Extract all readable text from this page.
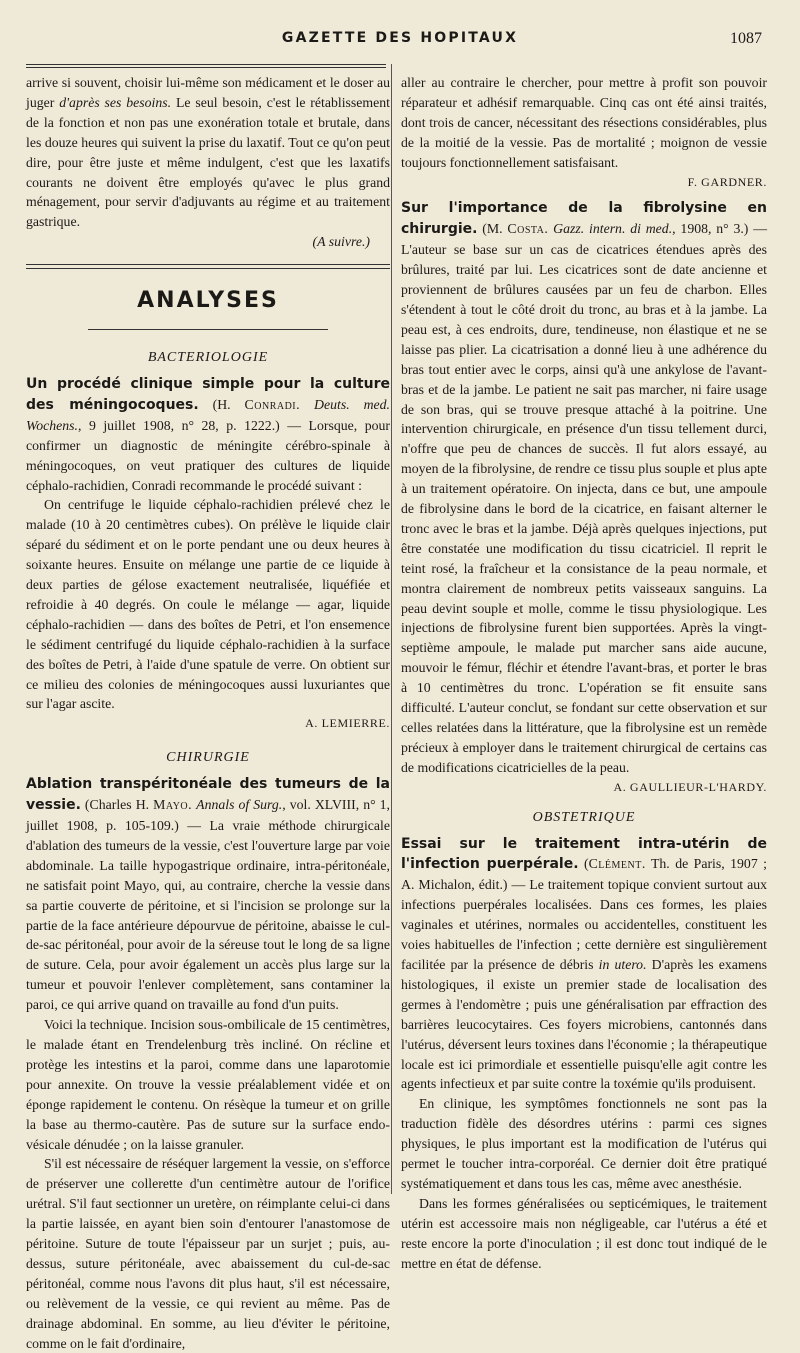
GAZETTE DES HOPITAUX	1087

arrive si souvent, choisir lui-même son médicament et le doser au juger d'après ses besoins. Le seul besoin, c'est le rétablissement de la fonction et non pas une exonération totale et brutale, dans les douze heures qui suivent la prise du laxatif. Tout ce qu'on peut dire, pour être juste et même indulgent, c'est que les laxatifs courants ne doivent être employés qu'avec le plus grand ménagement, pour servir d'adjuvants au régime et au traitement gastrique.

(A suivre.)
ANALYSES
BACTERIOLOGIE

Un procédé clinique simple pour la culture des méningocoques. (H. Conradi. Deuts. med. Wochens., 9 juillet 1908, n° 28, p. 1222.) — Lorsque, pour confirmer un diagnostic de méningite cérébro-spinale à méningocoques, on veut pratiquer des cultures de liquide céphalo-rachidien, Conradi recommande le procédé suivant :

On centrifuge le liquide céphalo-rachidien prélevé chez le malade (10 à 20 centimètres cubes). On prélève le liquide clair séparé du sédiment et on le porte pendant une ou deux heures à soixante heures. Ensuite on mélange une partie de ce liquide à deux parties de gélose exactement neutralisée, liquéfiée et refroidie à 40 degrés. On coule le mélange — agar, liquide céphalo-rachidien — dans des boîtes de Petri, et l'on ensemence le sédiment centrifugé du liquide céphalo-rachidien à la surface des boîtes de Petri, à l'aide d'une spatule de verre. On obtient sur ce milieu des colonies de méningocoques aussi luxuriantes que sur l'agar ascite.

A. LEMIERRE.
CHIRURGIE

Ablation transpéritonéale des tumeurs de la vessie. (Charles H. Mayo. Annals of Surg., vol. XLVIII, n° 1, juillet 1908, p. 105-109.) — La vraie méthode chirurgicale d'ablation des tumeurs de la vessie, c'est l'ouverture large par voie abdominale. La taille hypogastrique ordinaire, intra-péritonéale, ne satisfait point Mayo, qui, au contraire, cherche la vessie dans sa partie couverte de péritoine, et si l'incision se prolonge sur la partie de la face antérieure dépourvue de péritoine, abaisse le cul-de-sac péritonéal, pour avoir de la séreuse tout le long de sa ligne de suture. Cela, pour avoir également un accès plus large sur la tumeur et pouvoir l'enlever complètement, sans contaminer la paroi, ce qui arrive quand on travaille au fond d'un puits.

Voici la technique. Incision sous-ombilicale de 15 centimètres, le malade étant en Trendelenburg très incliné. On récline et protège les intestins et la paroi, comme dans une laparotomie pour annexite. On trouve la vessie préalablement vidée et on éponge rapidement le contenu. On résèque la tumeur et on grille la base au thermo-cautère. Pas de suture sur la surface endo-vésicale dénudée ; on la laisse granuler.

S'il est nécessaire de réséquer largement la vessie, on s'efforce de préserver une collerette d'un centimètre autour de l'orifice urétral. S'il faut sectionner un uretère, on réimplante celui-ci dans la partie laissée, en ayant bien soin d'entourer l'anastomose de péritoine. Suture de toute l'épaisseur par un surjet ; puis, au-dessus, suture péritonéale, avec abaissement du cul-de-sac péritonéal, comme nous l'avons dit plus haut, s'il est nécessaire, ou relèvement de la vessie, ce qui revient au même. Pas de drainage abdominal. En somme, au lieu d'éviter le péritoine, comme on le fait d'ordinaire,

aller au contraire le chercher, pour mettre à profit son pouvoir réparateur et adhésif remarquable. Cinq cas ont été ainsi traités, dont trois de cancer, nécessitant des résections considérables, plus de la moitié de la vessie. Pas de mortalité ; moignon de vessie toujours fonctionnellement satisfaisant.

F. GARDNER.

Sur l'importance de la fibrolysine en chirurgie. (M. Costa. Gazz. intern. di med., 1908, n° 3.) — L'auteur se base sur un cas de cicatrices étendues après des brûlures, traité par lui. Les cicatrices sont de date ancienne et proviennent de brûlures causées par un feu de charbon. Elles s'étendent à tout le côté droit du tronc, au bras et à la jambe. La peau est, à ces endroits, dure, tendineuse, non élastique et ne se laisse pas plier. La cicatrisation a donné lieu à une adhérence du bras tout entier avec le corps, ainsi qu'à une ankylose de l'avant-bras et de la jambe. Le patient ne sait pas marcher, ni faire usage de son bras, qui se trouve presque attaché à la poitrine. Une intervention chirurgicale, en présence d'un tissu tellement durci, n'offre que peu de chances de succès. Il fut alors essayé, au moyen de la fibrolysine, de rendre ce tissu plus souple et plus apte à un traitement opératoire. On injecta, dans ce but, une ampoule de fibrolysine dans le bord de la cicatrice, en faisant alterner le tronc avec le bras et la jambe. Déjà après quelques injections, put être constatée une modification du tissu cicatriciel. Il reprit le teint rosé, la fraîcheur et la consistance de la peau normale, et montra clairement de nombreux petits vaisseaux sanguins. La peau devint souple et molle, comme le tissu physiologique. Les injections de fibrolysine furent bien supportées. Après la vingt-septième ampoule, le malade put marcher sans aide aucune, mouvoir le fémur, fléchir et étendre l'avant-bras, et porter le bras à 10 centimètres du tronc. L'opération se fit ensuite sans difficulté. L'auteur conclut, se fondant sur cette observation et sur celles relatées dans la littérature, que la fibrolysine est un remède précieux à employer dans le traitement chirurgical de certains cas de modifications cicatricielles de la peau.

A. GAULLIEUR-L'HARDY.
OBSTETRIQUE

Essai sur le traitement intra-utérin de l'infection puerpérale. (Clément. Th. de Paris, 1907 ; A. Michalon, édit.) — Le traitement topique convient surtout aux infections puerpérales localisées. Dans ces formes, les plaies vaginales et utérines, normales ou accidentelles, constituent les voies habituelles de l'infection ; cette dernière est singulièrement facilitée par la présence de débris in utero. D'après les examens histologiques, il existe un premier stade de localisation des germes à l'endomètre ; puis une généralisation par effraction des barrières leucocytaires. Ces foyers microbiens, cantonnés dans l'utérus, déversent leurs toxines dans l'économie ; la thérapeutique locale est ici primordiale et essentielle puisqu'elle agit contre les agents infectieux et par suite contre la toxémie qu'ils produisent.

En clinique, les symptômes fonctionnels ne sont pas la traduction fidèle des désordres utérins : parmi ces signes physiques, le plus important est la modification de l'utérus qui permet le toucher intra-corporéal. Ce dernier doit être pratiqué systématiquement et dans tous les cas, même avec anesthésie.

Dans les formes généralisées ou septicémiques, le traitement utérin est accessoire mais non négligeable, car l'utérus a été et reste encore la porte d'inoculation ; il est donc tout indiqué de le mettre en état de défense.
